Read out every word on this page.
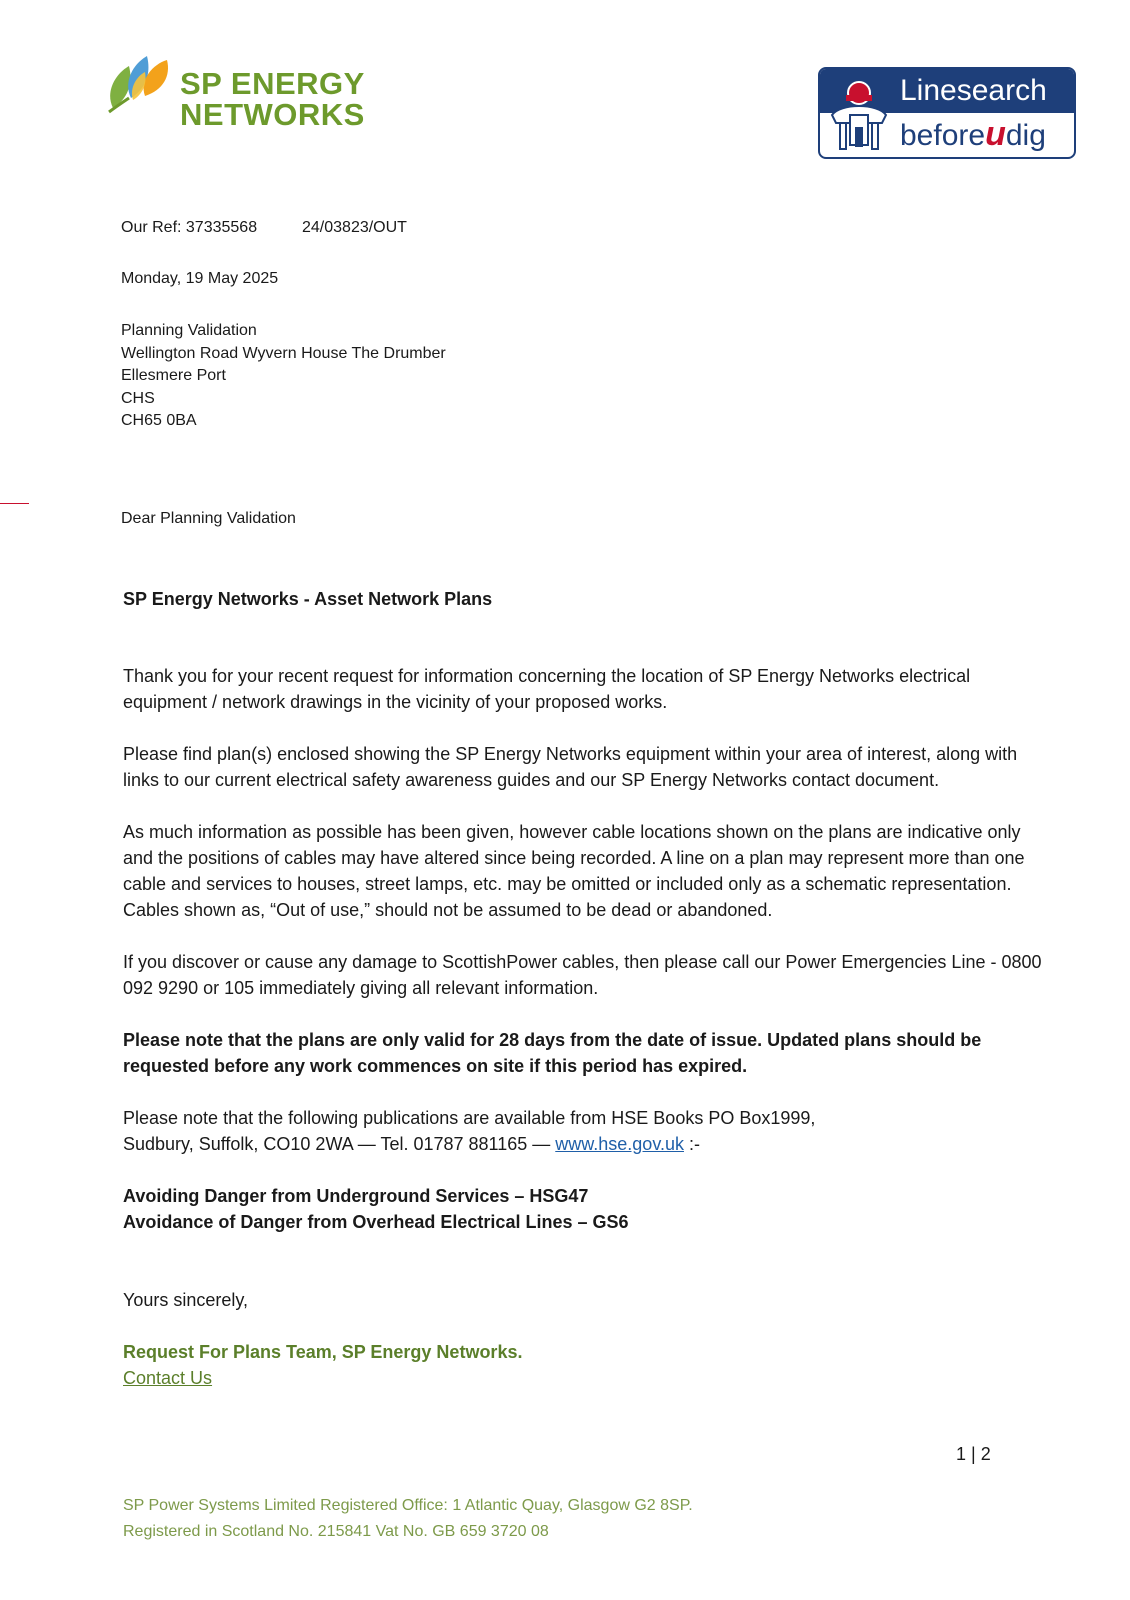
SP ENERGY
NETWORKS
Linesearch
beforeudig
Our Ref: 37335568	24/03823/OUT
Monday, 19 May 2025
Planning Validation
Wellington Road Wyvern House The Drumber
Ellesmere Port
CHS
CH65 0BA
Dear Planning Validation
SP Energy Networks - Asset Network Plans

Thank you for your recent request for information concerning the location of SP Energy Networks electrical equipment / network drawings in the vicinity of your proposed works.

Please find plan(s) enclosed showing the SP Energy Networks equipment within your area of interest, along with links to our current electrical safety awareness guides and our SP Energy Networks contact document.

As much information as possible has been given, however cable locations shown on the plans are indicative only and the positions of cables may have altered since being recorded. A line on a plan may represent more than one cable and services to houses, street lamps, etc. may be omitted or included only as a schematic representation. Cables shown as, “Out of use,” should not be assumed to be dead or abandoned.

If you discover or cause any damage to ScottishPower cables, then please call our Power Emergencies Line - 0800 092 9290 or 105 immediately giving all relevant information.

Please note that the plans are only valid for 28 days from the date of issue. Updated plans should be requested before any work commences on site if this period has expired.

Please note that the following publications are available from HSE Books PO Box1999,
Sudbury, Suffolk, CO10 2WA — Tel. 01787 881165 — www.hse.gov.uk :-

Avoiding Danger from Underground Services – HSG47
Avoidance of Danger from Overhead Electrical Lines – GS6

Yours sincerely,

Request For Plans Team, SP Energy Networks.
Contact Us

1 | 2
SP Power Systems Limited Registered Office: 1 Atlantic Quay, Glasgow G2 8SP.
Registered in Scotland No. 215841 Vat No. GB 659 3720 08
